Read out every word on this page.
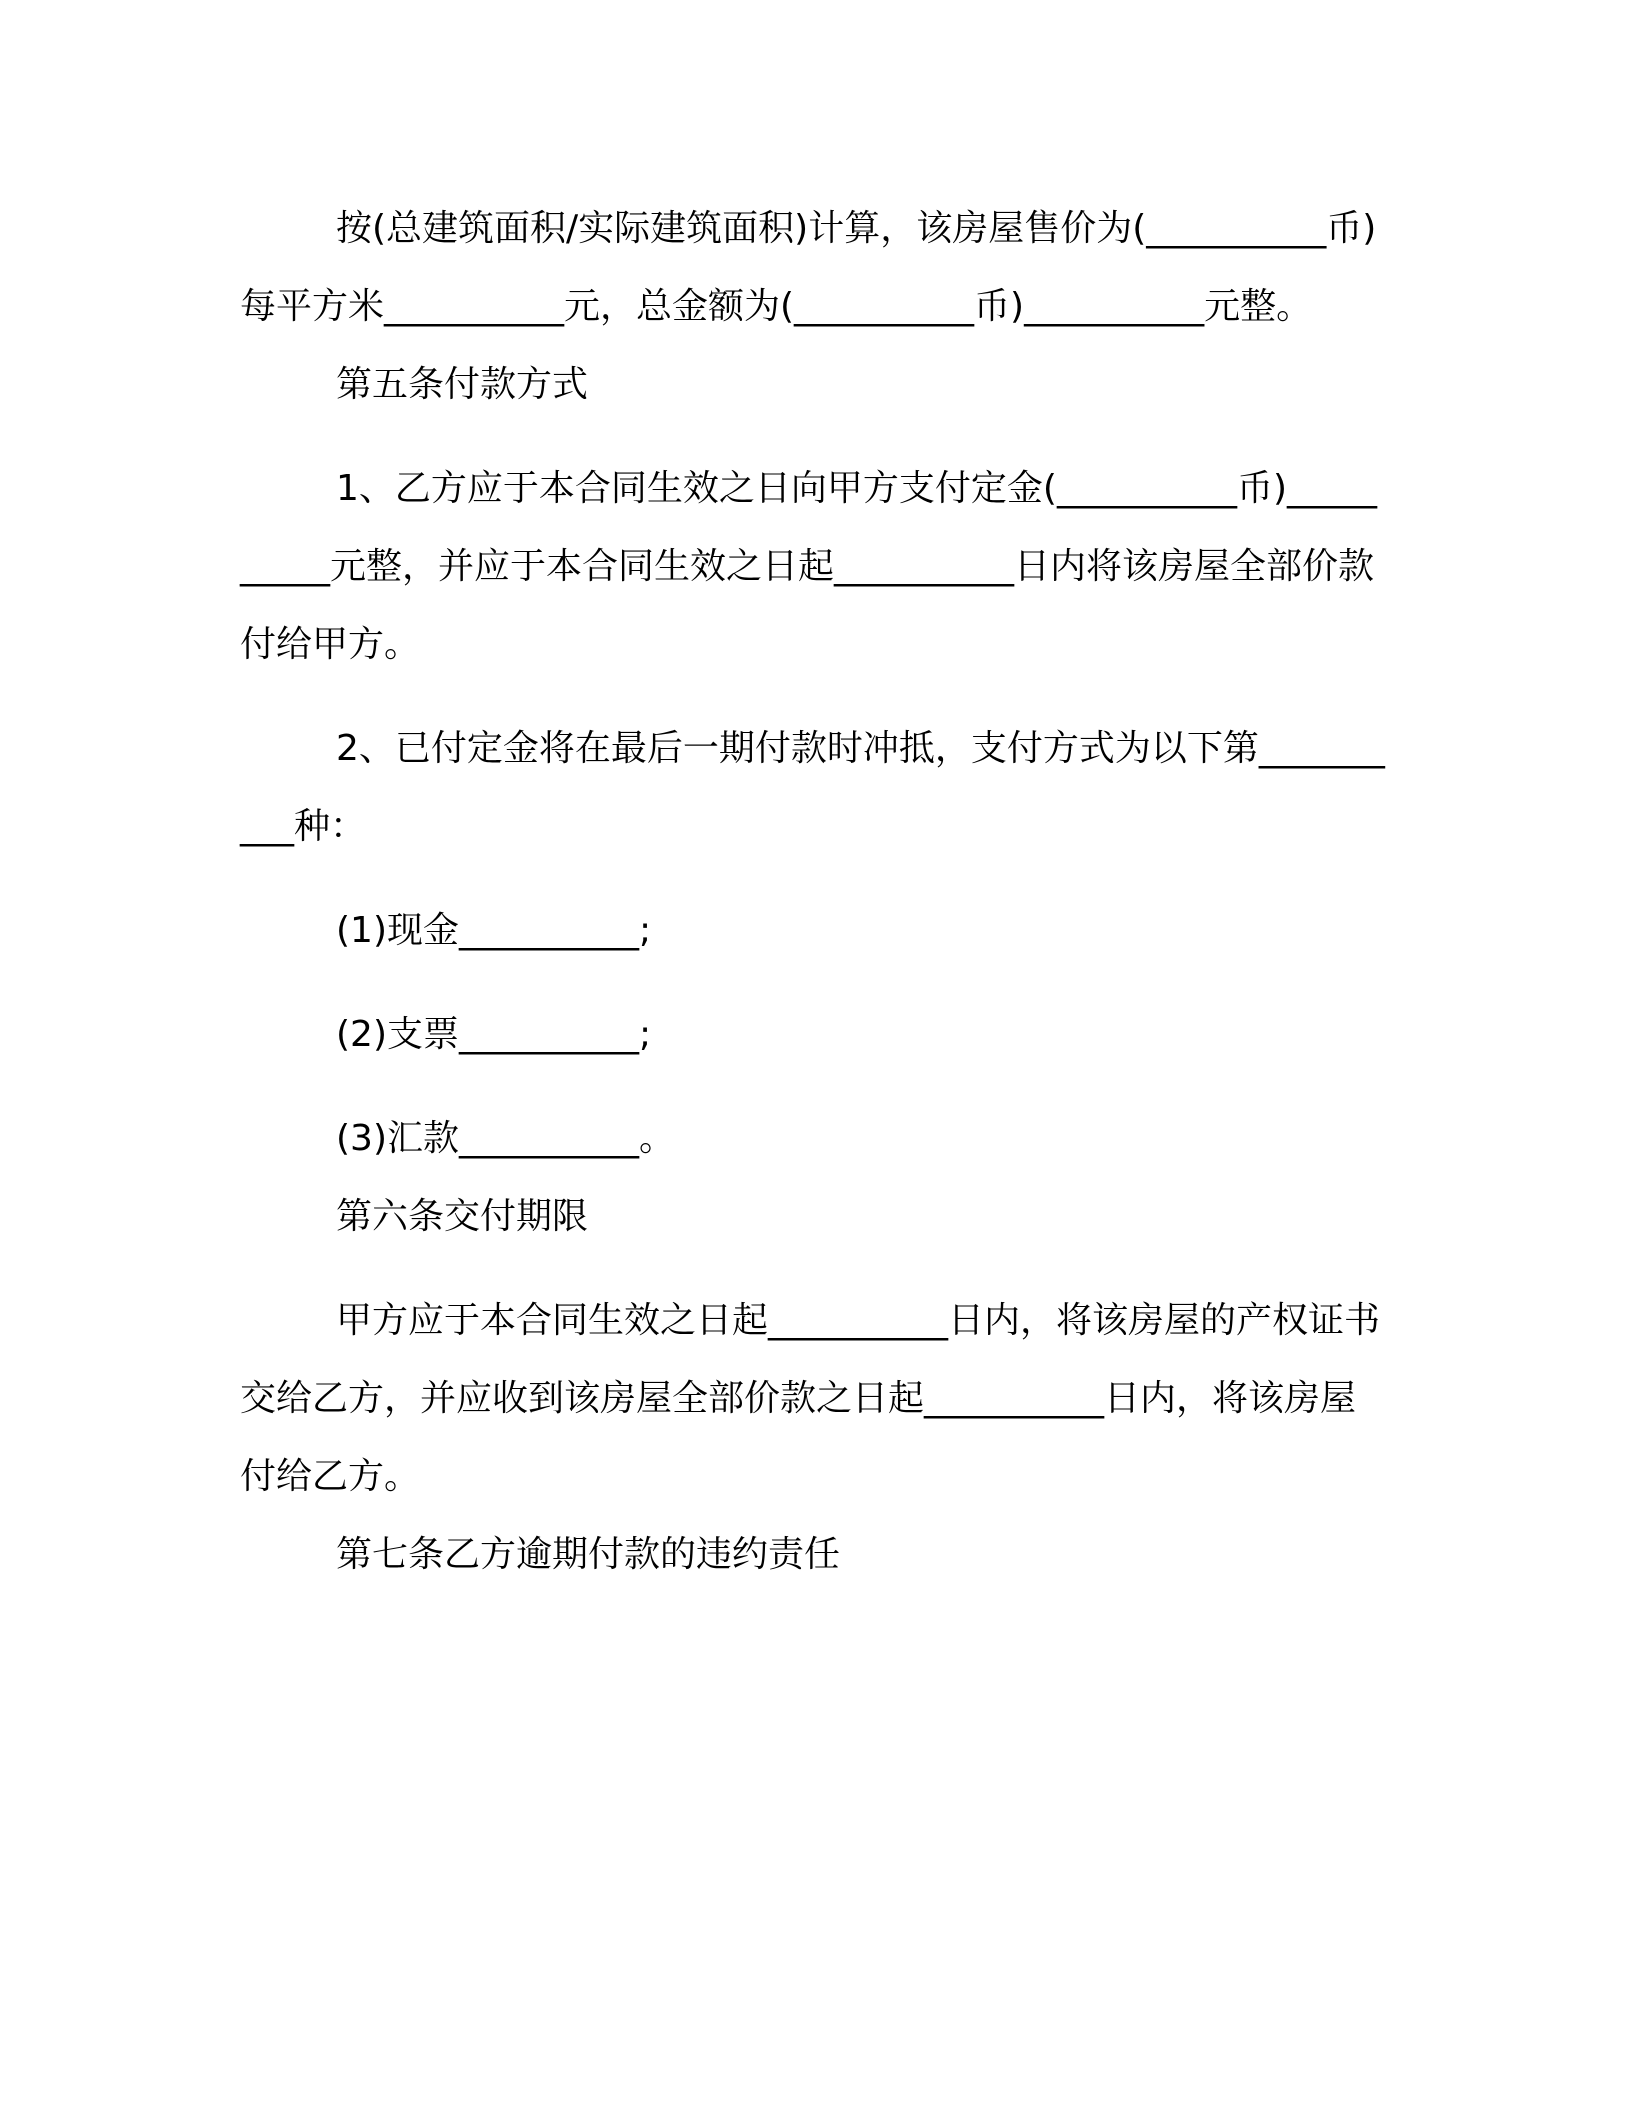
按(总建筑面积/实际建筑面积)计算，该房屋售价为(__________币)每平方米__________元，总金额为(__________币)__________元整。

第五条付款方式

1、乙方应于本合同生效之日向甲方支付定金(__________币)__________元整，并应于本合同生效之日起__________日内将该房屋全部价款付给甲方。

2、已付定金将在最后一期付款时冲抵，支付方式为以下第__________种：

(1)现金__________;

(2)支票__________;

(3)汇款__________。

第六条交付期限

甲方应于本合同生效之日起__________日内，将该房屋的产权证书交给乙方，并应收到该房屋全部价款之日起__________日内，将该房屋付给乙方。

第七条乙方逾期付款的违约责任
